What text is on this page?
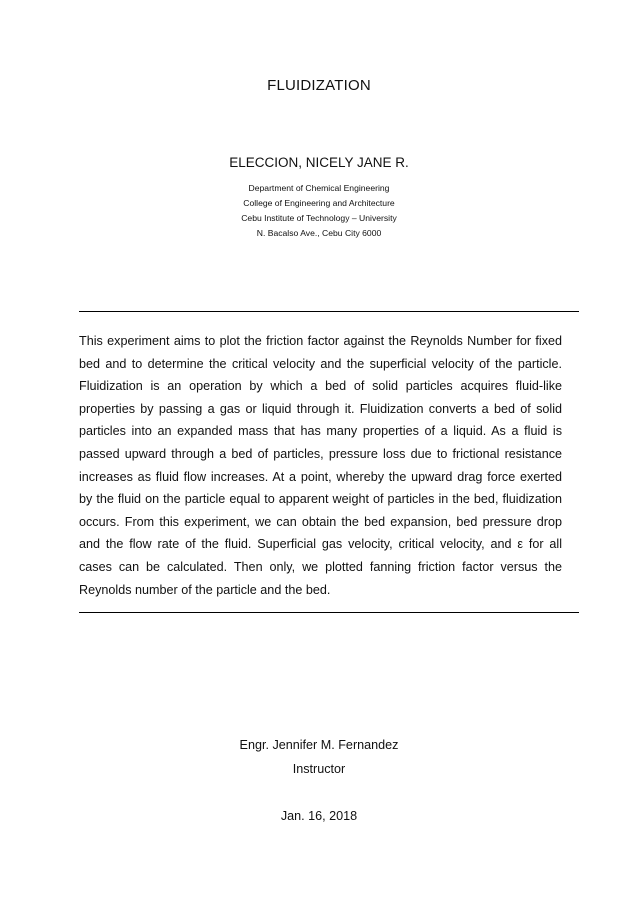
FLUIDIZATION
ELECCION, NICELY JANE R.
Department of Chemical Engineering
College of Engineering and Architecture
Cebu Institute of Technology – University
N. Bacalso Ave., Cebu City 6000

This experiment aims to plot the friction factor against the Reynolds Number for fixed bed and to determine the critical velocity and the superficial velocity of the particle. Fluidization is an operation by which a bed of solid particles acquires fluid-like properties by passing a gas or liquid through it. Fluidization converts a bed of solid particles into an expanded mass that has many properties of a liquid. As a fluid is passed upward through a bed of particles, pressure loss due to frictional resistance increases as fluid flow increases. At a point, whereby the upward drag force exerted by the fluid on the particle equal to apparent weight of particles in the bed, fluidization occurs. From this experiment, we can obtain the bed expansion, bed pressure drop and the flow rate of the fluid. Superficial gas velocity, critical velocity, and ε for all cases can be calculated. Then only, we plotted fanning friction factor versus the Reynolds number of the particle and the bed.

Engr. Jennifer M. Fernandez
Instructor
Jan. 16, 2018
